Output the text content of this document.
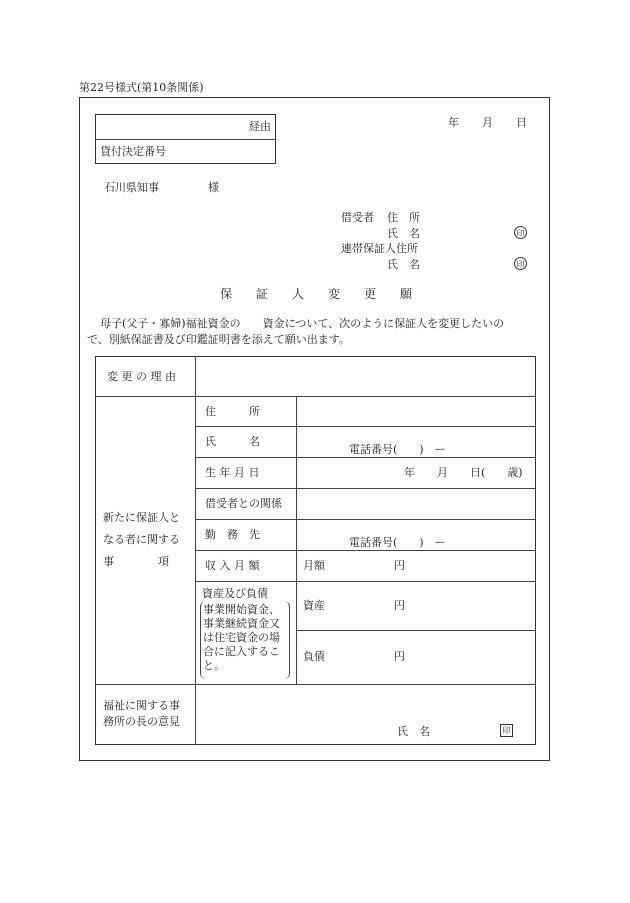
第22号様式(第10条関係)
経由
貸付決定番号
年 月 日
石川県知事	様
借受者 住　所
氏　名	印
連帯保証人住所
氏　名	印
保　　証　　人　　変　　更　　願
母子(父子・寡婦)福祉資金の　　資金について、次のように保証人を変更したいの
で、別紙保証書及び印鑑証明書を添えて願い出ます。
変 更 の 理 由
新たに保証人と
なる者に関する
事　　　　項
住　　　所
氏　　　名
電話番号(　　)　ー
生 年 月 日	年　　月　　日(　　歳)
借受者との関係
勤　務　先
電話番号(　　)　ー
収 入 月 額	月額	円
資産及び負債
事業開始資金、
事業継続資金又
は住宅資金の場
合に記入するこ
と。
資産	円
負債	円
福祉に関する事
務所の長の意見
氏　名	印
